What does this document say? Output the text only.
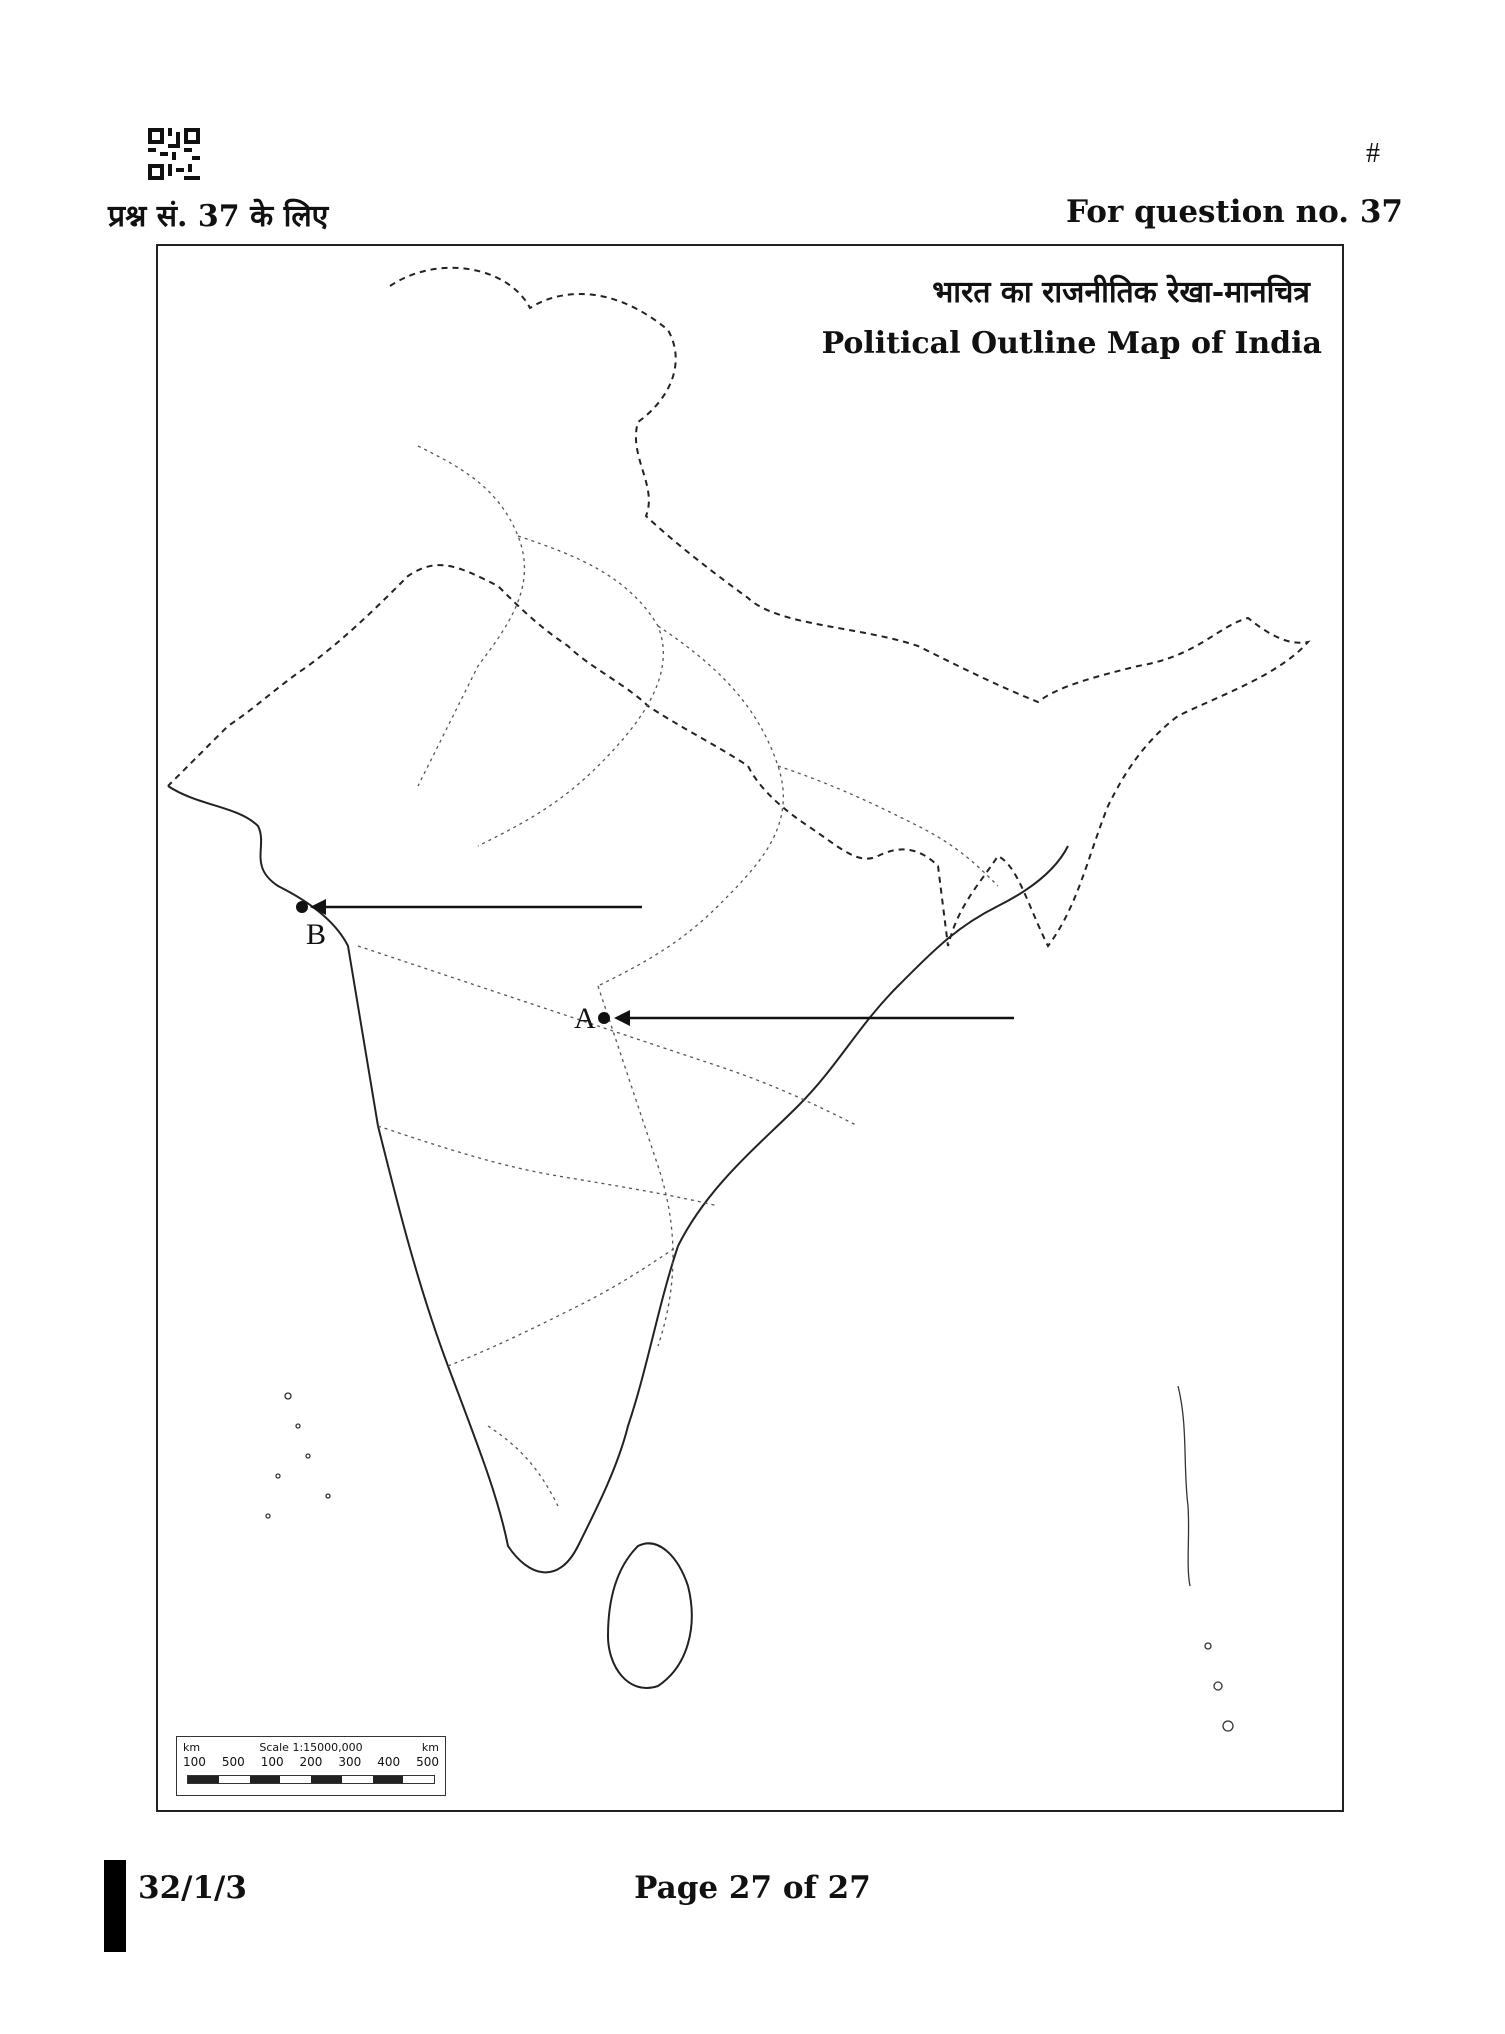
#
प्रश्न सं. 37 के लिए	For question no. 37
B
A
भारत का राजनीतिक रेखा-मानचित्र
Political Outline Map of India
km	Scale 1:15000,000	km
100 500 100 200 300 400 500
32/1/3	Page 27 of 27
